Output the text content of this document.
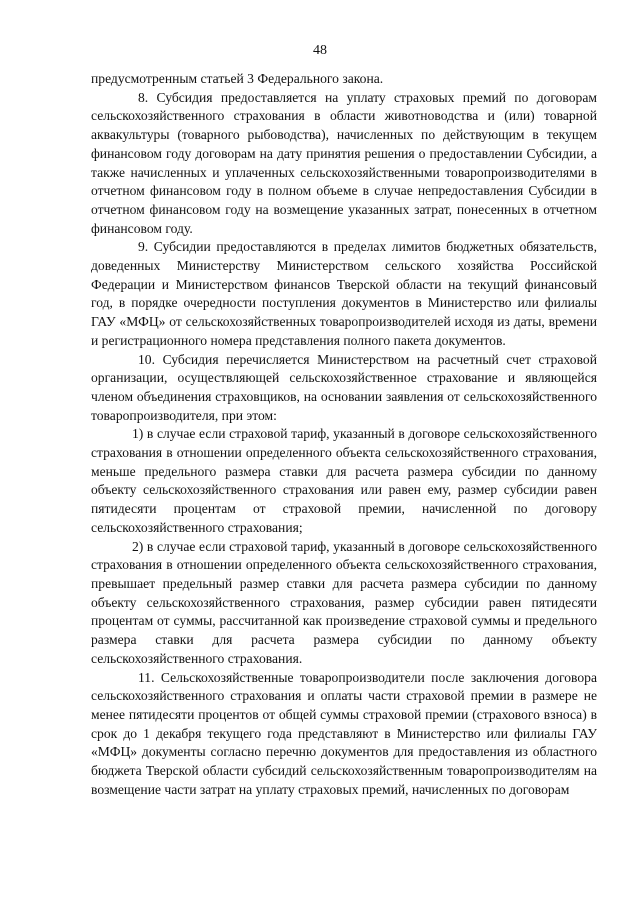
48

предусмотренным статьей 3 Федерального закона.

8. Субсидия предоставляется на уплату страховых премий по договорам сельскохозяйственного страхования в области животноводства и (или) товарной аквакультуры (товарного рыбоводства), начисленных по действующим в текущем финансовом году договорам на дату принятия решения о предоставлении Субсидии, а также начисленных и уплаченных сельскохозяйственными товаропроизводителями в отчетном финансовом году в полном объеме в случае непредоставления Субсидии в отчетном финансовом году на возмещение указанных затрат, понесенных в отчетном финансовом году.

9. Субсидии предоставляются в пределах лимитов бюджетных обязательств, доведенных Министерству Министерством сельского хозяйства Российской Федерации и Министерством финансов Тверской области на текущий финансовый год, в порядке очередности поступления документов в Министерство или филиалы ГАУ «МФЦ» от сельскохозяйственных товаропроизводителей исходя из даты, времени и регистрационного номера представления полного пакета документов.

10. Субсидия перечисляется Министерством на расчетный счет страховой организации, осуществляющей сельскохозяйственное страхование и являющейся членом объединения страховщиков, на основании заявления от сельскохозяйственного товаропроизводителя, при этом:

1) в случае если страховой тариф, указанный в договоре сельскохозяйственного страхования в отношении определенного объекта сельскохозяйственного страхования, меньше предельного размера ставки для расчета размера субсидии по данному объекту сельскохозяйственного страхования или равен ему, размер субсидии равен пятидесяти процентам от страховой премии, начисленной по договору сельскохозяйственного страхования;

2) в случае если страховой тариф, указанный в договоре сельскохозяйственного страхования в отношении определенного объекта сельскохозяйственного страхования, превышает предельный размер ставки для расчета размера субсидии по данному объекту сельскохозяйственного страхования, размер субсидии равен пятидесяти процентам от суммы, рассчитанной как произведение страховой суммы и предельного размера ставки для расчета размера субсидии по данному объекту сельскохозяйственного страхования.

11. Сельскохозяйственные товаропроизводители после заключения договора сельскохозяйственного страхования и оплаты части страховой премии в размере не менее пятидесяти процентов от общей суммы страховой премии (страхового взноса) в срок до 1 декабря текущего года представляют в Министерство или филиалы ГАУ «МФЦ» документы согласно перечню документов для предоставления из областного бюджета Тверской области субсидий сельскохозяйственным товаропроизводителям на возмещение части затрат на уплату страховых премий, начисленных по договорам
